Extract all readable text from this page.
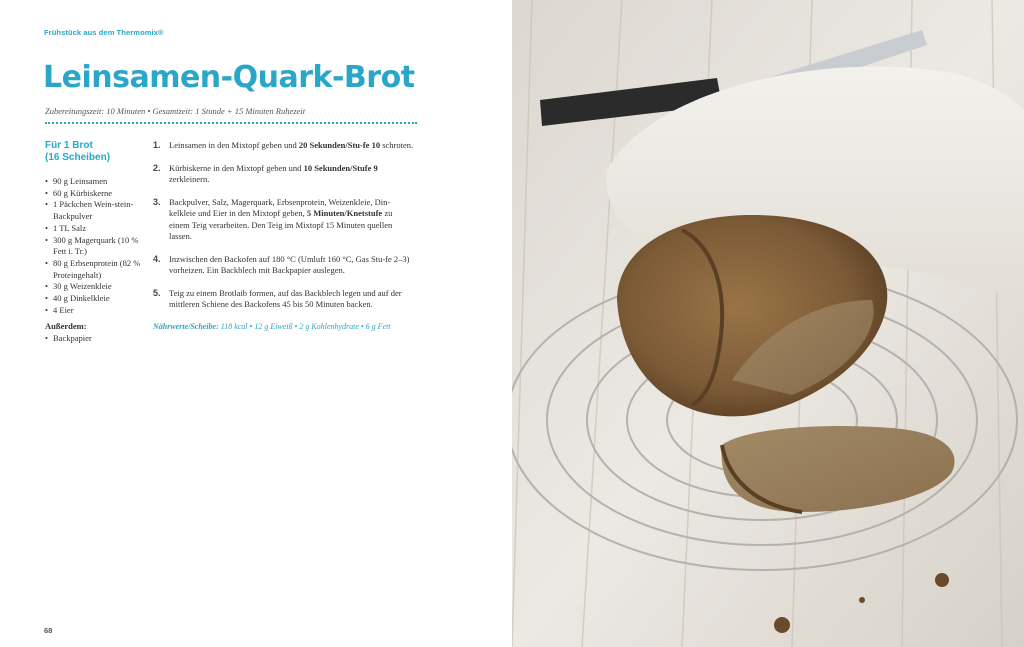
Frühstück aus dem Thermomix®
Leinsamen-Quark-Brot
Zubereitungszeit: 10 Minuten • Gesamtzeit: 1 Stunde + 15 Minuten Ruhezeit

Für 1 Brot

(16 Scheiben)

• 90 g Leinsamen
• 60 g Kürbiskerne
• 1 Päckchen Wein-stein-Backpulver
• 1 TL Salz
• 300 g Magerquark (10 % Fett i. Tr.)
• 80 g Erbsenprotein (82 % Proteingehalt)
• 30 g Weizenkleie
• 40 g Dinkelkleie
• 4 Eier
Außerdem:
• Backpapier
1. Leinsamen in den Mixtopf geben und 20 Sekunden/Stu-fe 10 schroten.
2. Kürbiskerne in den Mixtopf geben und 10 Sekunden/Stufe 9 zerkleinern.
3. Backpulver, Salz, Magerquark, Erbsenprotein, Weizenkleie, Din-kelkleie und Eier in den Mixtopf geben, 5 Minuten/Knetstufe zu einem Teig verarbeiten. Den Teig im Mixtopf 15 Minuten quellen lassen.
4. Inzwischen den Backofen auf 180 °C (Umluft 160 °C, Gas Stu-fe 2–3) vorheizen. Ein Backblech mit Backpapier auslegen.
5. Teig zu einem Brotlaib formen, auf das Backblech legen und auf der mittleren Schiene des Backofens 45 bis 50 Minuten backen.
Nährwerte/Scheibe: 118 kcal • 12 g Eiweiß • 2 g Kohlenhydrate • 6 g Fett
68
